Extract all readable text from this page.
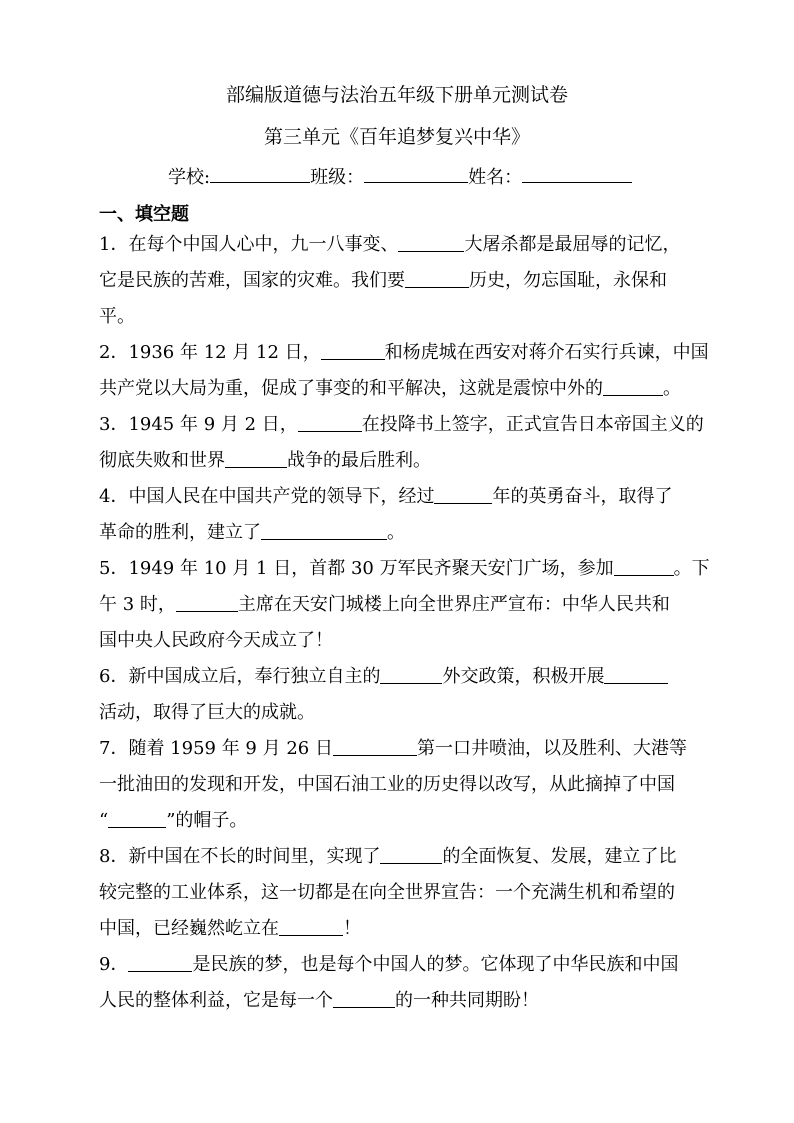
部编版道德与法治五年级下册单元测试卷
第三单元《百年追梦复兴中华》
学校:	班级：	姓名：
一、填空题
1．在每个中国人心中，九一八事变、	大屠杀都是最屈辱的记忆，
它是民族的苦难，国家的灾难。我们要	历史，勿忘国耻，永保和
平。
2．1936 年 12 月 12 日，	和杨虎城在西安对蒋介石实行兵谏，中国
共产党以大局为重，促成了事变的和平解决，这就是震惊中外的	。
3．1945 年 9 月 2 日，	在投降书上签字，正式宣告日本帝国主义的
彻底失败和世界	战争的最后胜利。
4．中国人民在中国共产党的领导下，经过	年的英勇奋斗，取得了
革命的胜利，建立了	。
5．1949 年 10 月 1 日，首都 30 万军民齐聚天安门广场，参加	。下
午 3 时，	主席在天安门城楼上向全世界庄严宣布：中华人民共和
国中央人民政府今天成立了！
6．新中国成立后，奉行独立自主的	外交政策，积极开展
活动，取得了巨大的成就。
7．随着 1959 年 9 月 26 日	第一口井喷油，以及胜利、大港等
一批油田的发现和开发，中国石油工业的历史得以改写，从此摘掉了中国
“	”的帽子。
8．新中国在不长的时间里，实现了	的全面恢复、发展，建立了比
较完整的工业体系，这一切都是在向全世界宣告：一个充满生机和希望的
中国，已经巍然屹立在	！
9．	是民族的梦，也是每个中国人的梦。它体现了中华民族和中国
人民的整体利益，它是每一个	的一种共同期盼！
